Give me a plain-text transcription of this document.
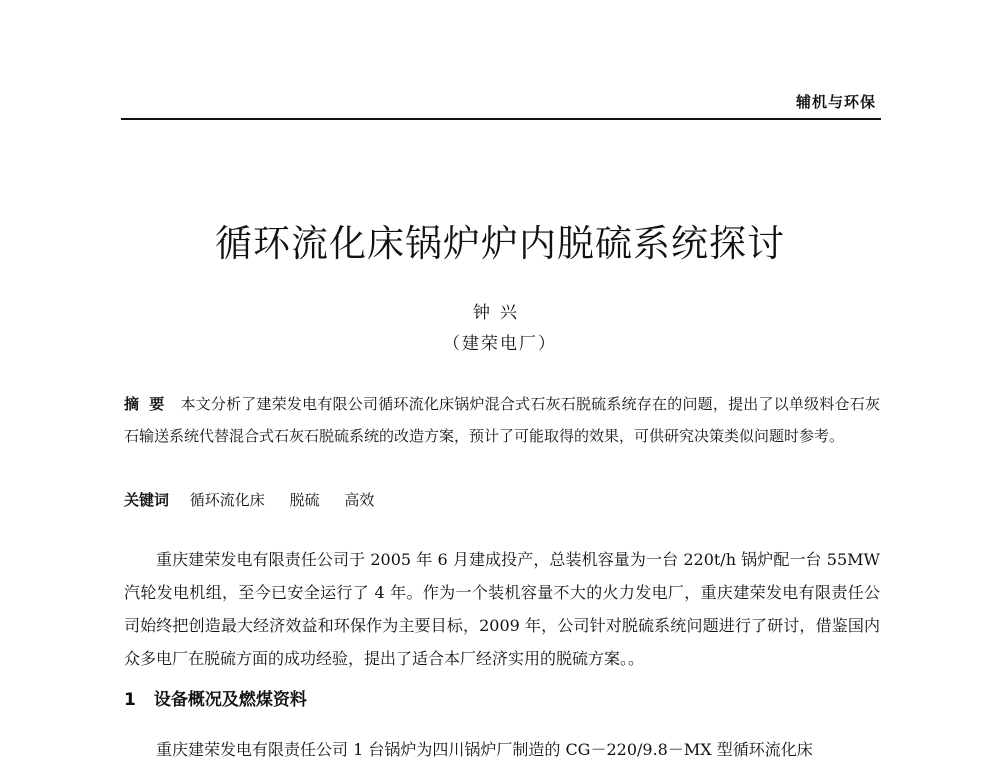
辅机与环保
循环流化床锅炉炉内脱硫系统探讨
钟兴
（建荣电厂）
摘要 本文分析了建荣发电有限公司循环流化床锅炉混合式石灰石脱硫系统存在的问题，提出了以单级料仓石灰石输送系统代替混合式石灰石脱硫系统的改造方案，预计了可能取得的效果，可供研究决策类似问题时参考。
关键词 循环流化床 脱硫 高效
重庆建荣发电有限责任公司于 2005 年 6 月建成投产，总装机容量为一台 220t/h 锅炉配一台 55MW 汽轮发电机组，至今已安全运行了 4 年。作为一个装机容量不大的火力发电厂，重庆建荣发电有限责任公司始终把创造最大经济效益和环保作为主要目标，2009 年，公司针对脱硫系统问题进行了研讨，借鉴国内众多电厂在脱硫方面的成功经验，提出了适合本厂经济实用的脱硫方案。。
1 设备概况及燃煤资料
重庆建荣发电有限责任公司 1 台锅炉为四川锅炉厂制造的 CG－220/9.8－MX 型循环流化床
